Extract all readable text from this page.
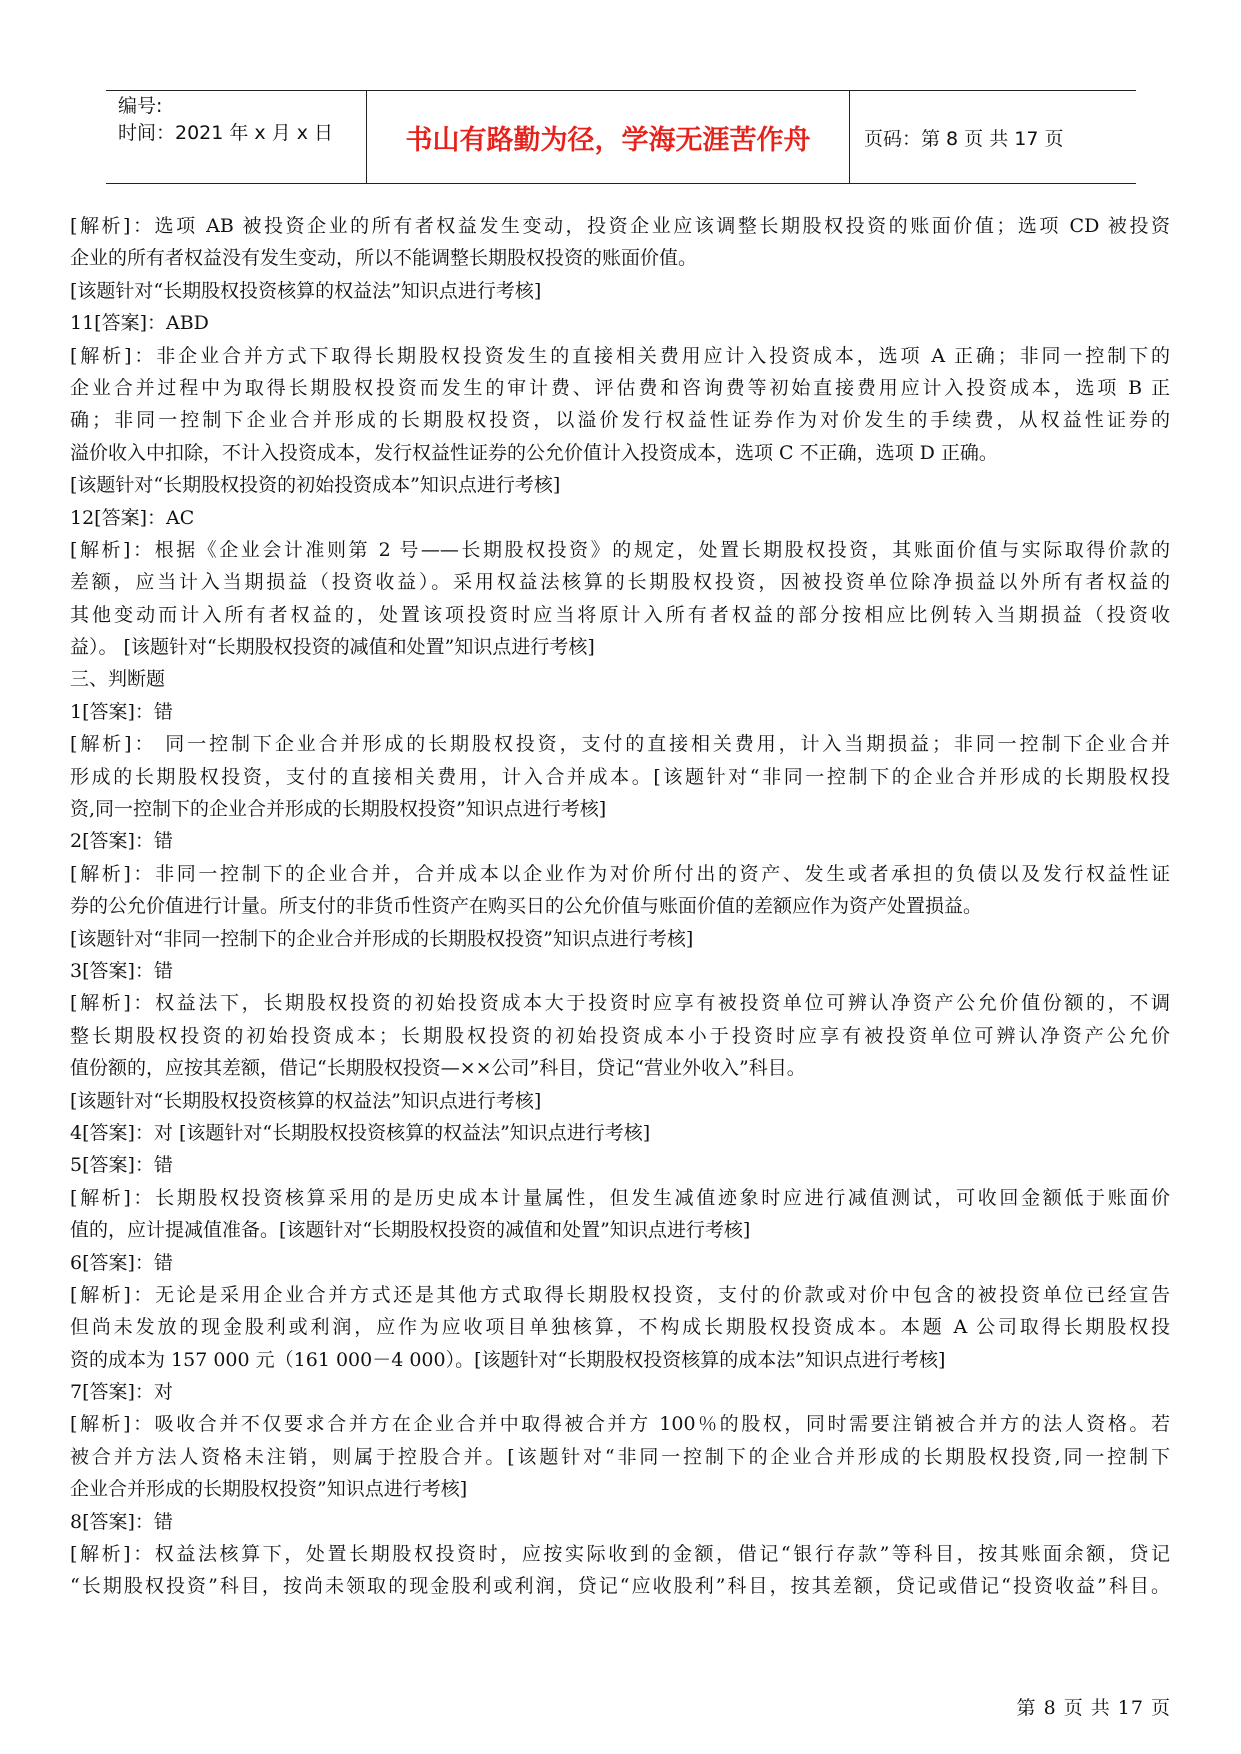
编号:
时间：2021 年 x 月 x 日	书山有路勤为径，学海无涯苦作舟	页码：第 8 页 共 17 页
[解析]：选项 AB 被投资企业的所有者权益发生变动，投资企业应该调整长期股权投资的账面价值；选项 CD 被投资
企业的所有者权益没有发生变动，所以不能调整长期股权投资的账面价值。
[该题针对“长期股权投资核算的权益法”知识点进行考核]
11[答案]：ABD
[解析]：非企业合并方式下取得长期股权投资发生的直接相关费用应计入投资成本，选项 A 正确；非同一控制下的
企业合并过程中为取得长期股权投资而发生的审计费、评估费和咨询费等初始直接费用应计入投资成本，选项 B 正
确；非同一控制下企业合并形成的长期股权投资，以溢价发行权益性证券作为对价发生的手续费，从权益性证券的
溢价收入中扣除，不计入投资成本，发行权益性证券的公允价值计入投资成本，选项 C 不正确，选项 D 正确。
[该题针对“长期股权投资的初始投资成本”知识点进行考核]
12[答案]：AC
[解析]：根据《企业会计准则第 2 号——长期股权投资》的规定，处置长期股权投资，其账面价值与实际取得价款的
差额，应当计入当期损益（投资收益）。采用权益法核算的长期股权投资，因被投资单位除净损益以外所有者权益的
其他变动而计入所有者权益的，处置该项投资时应当将原计入所有者权益的部分按相应比例转入当期损益（投资收
益）。 [该题针对“长期股权投资的减值和处置”知识点进行考核]
三、判断题
1[答案]：错
[解析]： 同一控制下企业合并形成的长期股权投资，支付的直接相关费用，计入当期损益；非同一控制下企业合并
形成的长期股权投资，支付的直接相关费用，计入合并成本。[该题针对“非同一控制下的企业合并形成的长期股权投
资,同一控制下的企业合并形成的长期股权投资”知识点进行考核]
2[答案]：错
[解析]：非同一控制下的企业合并，合并成本以企业作为对价所付出的资产、发生或者承担的负债以及发行权益性证
券的公允价值进行计量。所支付的非货币性资产在购买日的公允价值与账面价值的差额应作为资产处置损益。
[该题针对“非同一控制下的企业合并形成的长期股权投资”知识点进行考核]
3[答案]：错
[解析]：权益法下，长期股权投资的初始投资成本大于投资时应享有被投资单位可辨认净资产公允价值份额的，不调
整长期股权投资的初始投资成本；长期股权投资的初始投资成本小于投资时应享有被投资单位可辨认净资产公允价
值份额的，应按其差额，借记“长期股权投资—××公司”科目，贷记“营业外收入”科目。
[该题针对“长期股权投资核算的权益法”知识点进行考核]
4[答案]：对 [该题针对“长期股权投资核算的权益法”知识点进行考核]
5[答案]：错
[解析]：长期股权投资核算采用的是历史成本计量属性，但发生减值迹象时应进行减值测试，可收回金额低于账面价
值的，应计提减值准备。[该题针对“长期股权投资的减值和处置”知识点进行考核]
6[答案]：错
[解析]：无论是采用企业合并方式还是其他方式取得长期股权投资，支付的价款或对价中包含的被投资单位已经宣告
但尚未发放的现金股利或利润，应作为应收项目单独核算，不构成长期股权投资成本。本题 A 公司取得长期股权投
资的成本为 157 000 元（161 000－4 000）。[该题针对“长期股权投资核算的成本法”知识点进行考核]
7[答案]：对
[解析]：吸收合并不仅要求合并方在企业合并中取得被合并方 100％的股权，同时需要注销被合并方的法人资格。若
被合并方法人资格未注销，则属于控股合并。[该题针对“非同一控制下的企业合并形成的长期股权投资,同一控制下
企业合并形成的长期股权投资”知识点进行考核]
8[答案]：错
[解析]：权益法核算下，处置长期股权投资时，应按实际收到的金额，借记“银行存款”等科目，按其账面余额，贷记
“长期股权投资”科目，按尚未领取的现金股利或利润，贷记“应收股利”科目，按其差额，贷记或借记“投资收益”科目。
第 8 页 共 17 页
